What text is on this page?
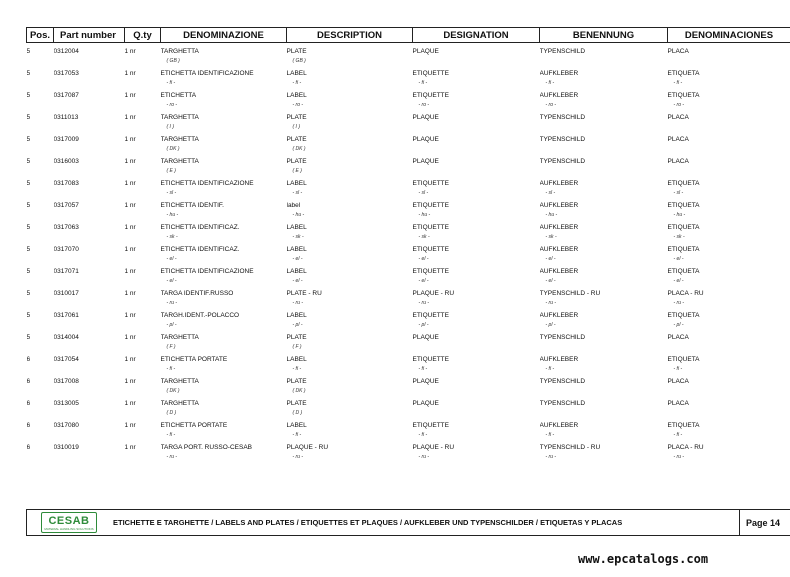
Pos.	Part number	Q.ty	DENOMINAZIONE	DESCRIPTION	DESIGNATION	BENENNUNG	DENOMINACIONES
5	0312004	1 nr	TARGHETTA	PLATE	PLAQUE	TYPENSCHILD	PLACA
			( GB )	( GB )			
5	0317053	1 nr	ETICHETTA IDENTIFICAZIONE	LABEL	ETIQUETTE	AUFKLEBER	ETIQUETA
			- fi -	- fi -	- fi -	- fi -	- fi -
5	0317087	1 nr	ETICHETTA	LABEL	ETIQUETTE	AUFKLEBER	ETIQUETA
			- ro -	- ro -	- ro -	- ro -	- ro -
5	0311013	1 nr	TARGHETTA	PLATE	PLAQUE	TYPENSCHILD	PLACA
			( I )	( I )			
5	0317009	1 nr	TARGHETTA	PLATE	PLAQUE	TYPENSCHILD	PLACA
			( DK )	( DK )			
5	0316003	1 nr	TARGHETTA	PLATE	PLAQUE	TYPENSCHILD	PLACA
			( E )	( E )			
5	0317083	1 nr	ETICHETTA IDENTIFICAZIONE	LABEL	ETIQUETTE	AUFKLEBER	ETIQUETA
			- sl -	- sl -	- sl -	- sl -	- sl -
5	0317057	1 nr	ETICHETTA IDENTIF.	label	ETIQUETTE	AUFKLEBER	ETIQUETA
			- hu -	- hu -	- hu -	- hu -	- hu -
5	0317063	1 nr	ETICHETTA IDENTIFICAZ.	LABEL	ETIQUETTE	AUFKLEBER	ETIQUETA
			- sk -	- sk -	- sk -	- sk -	- sk -
5	0317070	1 nr	ETICHETTA IDENTIFICAZ.	LABEL	ETIQUETTE	AUFKLEBER	ETIQUETA
			- el -	- el -	- el -	- el -	- el -
5	0317071	1 nr	ETICHETTA IDENTIFICAZIONE	LABEL	ETIQUETTE	AUFKLEBER	ETIQUETA
			- el -	- el -	- el -	- el -	- el -
5	0310017	1 nr	TARGA IDENTIF.RUSSO	PLATE - RU	PLAQUE - RU	TYPENSCHILD - RU	PLACA - RU
			- ru -	- ru -	- ru -	- ru -	- ru -
5	0317061	1 nr	TARGH.IDENT.-POLACCO	LABEL	ETIQUETTE	AUFKLEBER	ETIQUETA
			- pl -	- pl -	- pl -	- pl -	- pl -
5	0314004	1 nr	TARGHETTA	PLATE	PLAQUE	TYPENSCHILD	PLACA
			( F )	( F )			
6	0317054	1 nr	ETICHETTA PORTATE	LABEL	ETIQUETTE	AUFKLEBER	ETIQUETA
			- fi -	- fi -	- fi -	- fi -	- fi -
6	0317008	1 nr	TARGHETTA	PLATE	PLAQUE	TYPENSCHILD	PLACA
			( DK )	( DK )			
6	0313005	1 nr	TARGHETTA	PLATE	PLAQUE	TYPENSCHILD	PLACA
			( D )	( D )			
6	0317080	1 nr	ETICHETTA PORTATE	LABEL	ETIQUETTE	AUFKLEBER	ETIQUETA
			- fi -	- fi -	- fi -	- fi -	- fi -
6	0310019	1 nr	TARGA PORT. RUSSO-CESAB	PLAQUE - RU	PLAQUE - RU	TYPENSCHILD - RU	PLACA - RU
			- ru -	- ru -	- ru -	- ru -	- ru -
CESAB
MATERIAL HANDLING SOLUTIONS
ETICHETTE E TARGHETTE / LABELS AND PLATES / ETIQUETTES ET PLAQUES / AUFKLEBER UND TYPENSCHILDER / ETIQUETAS Y PLACAS	Page 14
www.epcatalogs.com
